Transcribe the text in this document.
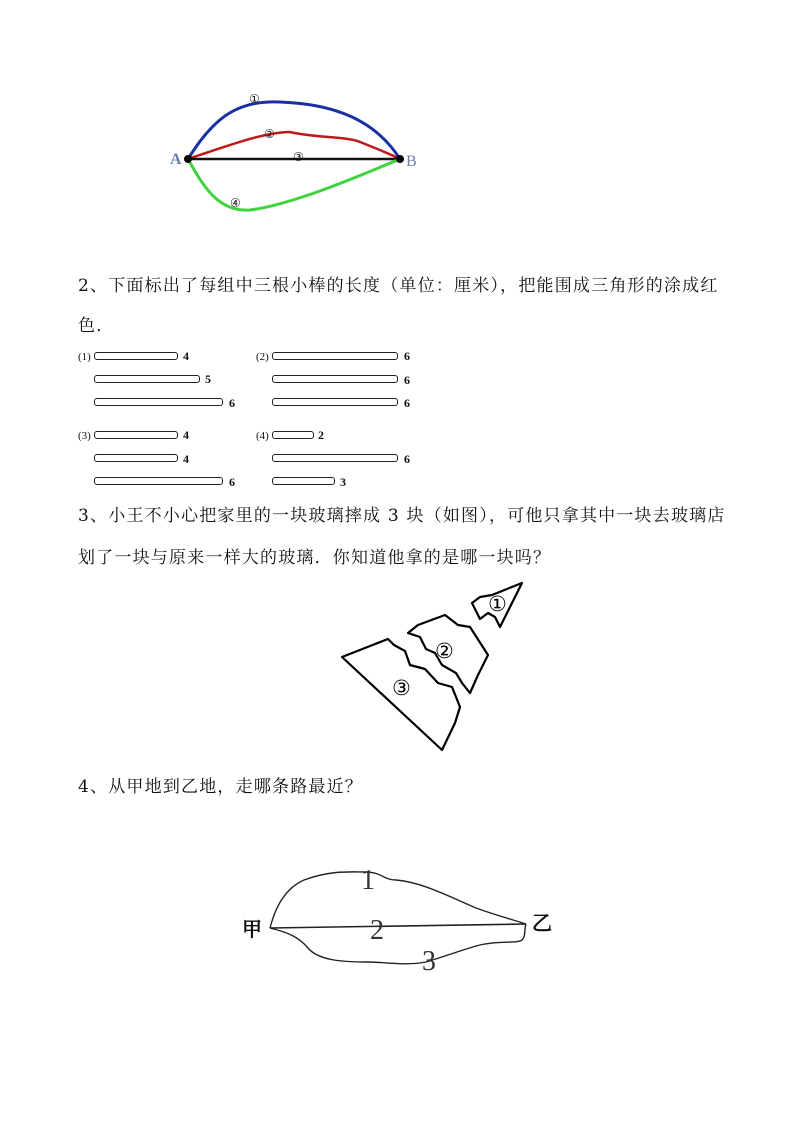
A	B
①
②
③
④
2、下面标出了每组中三根小棒的长度（单位：厘米），把能围成三角形的涂成红色．
(1)	4
5
6
(2)	6
6
6
(3)	4
4
6
(4)	2
6
3
3、小王不小心把家里的一块玻璃摔成 3 块（如图），可他只拿其中一块去玻璃店划了一块与原来一样大的玻璃．你知道他拿的是哪一块吗？
①
②
③
4、从甲地到乙地，走哪条路最近？
1
2
3
甲	乙
